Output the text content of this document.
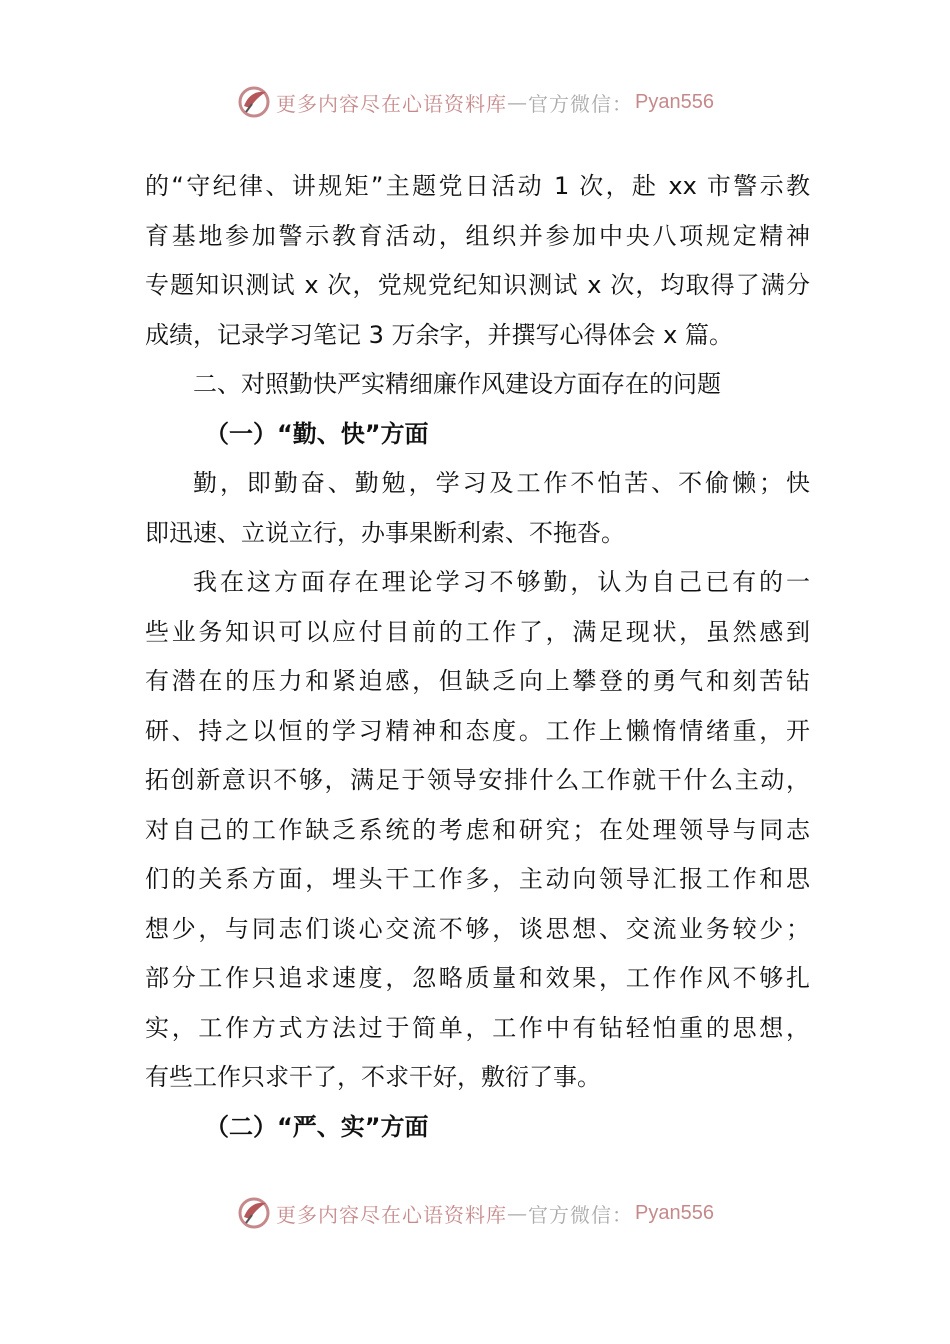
更多内容尽在心语资料库 — 官方微信： Pyan556
的“守纪律、讲规矩”主题党日活动 1 次，赴 xx 市警示教
育基地参加警示教育活动，组织并参加中央八项规定精神
专题知识测试 x 次，党规党纪知识测试 x 次，均取得了满分
成绩，记录学习笔记 3 万余字，并撰写心得体会 x 篇。
二、对照勤快严实精细廉作风建设方面存在的问题
（一）“勤、快”方面
勤，即勤奋、勤勉，学习及工作不怕苦、不偷懒；快
即迅速、立说立行，办事果断利索、不拖沓。
我在这方面存在理论学习不够勤，认为自己已有的一
些业务知识可以应付目前的工作了，满足现状，虽然感到
有潜在的压力和紧迫感，但缺乏向上攀登的勇气和刻苦钻
研、持之以恒的学习精神和态度。工作上懒惰情绪重，开
拓创新意识不够，满足于领导安排什么工作就干什么主动，
对自己的工作缺乏系统的考虑和研究；在处理领导与同志
们的关系方面，埋头干工作多，主动向领导汇报工作和思
想少，与同志们谈心交流不够，谈思想、交流业务较少；
部分工作只追求速度，忽略质量和效果，工作作风不够扎
实，工作方式方法过于简单，工作中有钻轻怕重的思想，
有些工作只求干了，不求干好，敷衍了事。
（二）“严、实”方面
更多内容尽在心语资料库 — 官方微信： Pyan556
